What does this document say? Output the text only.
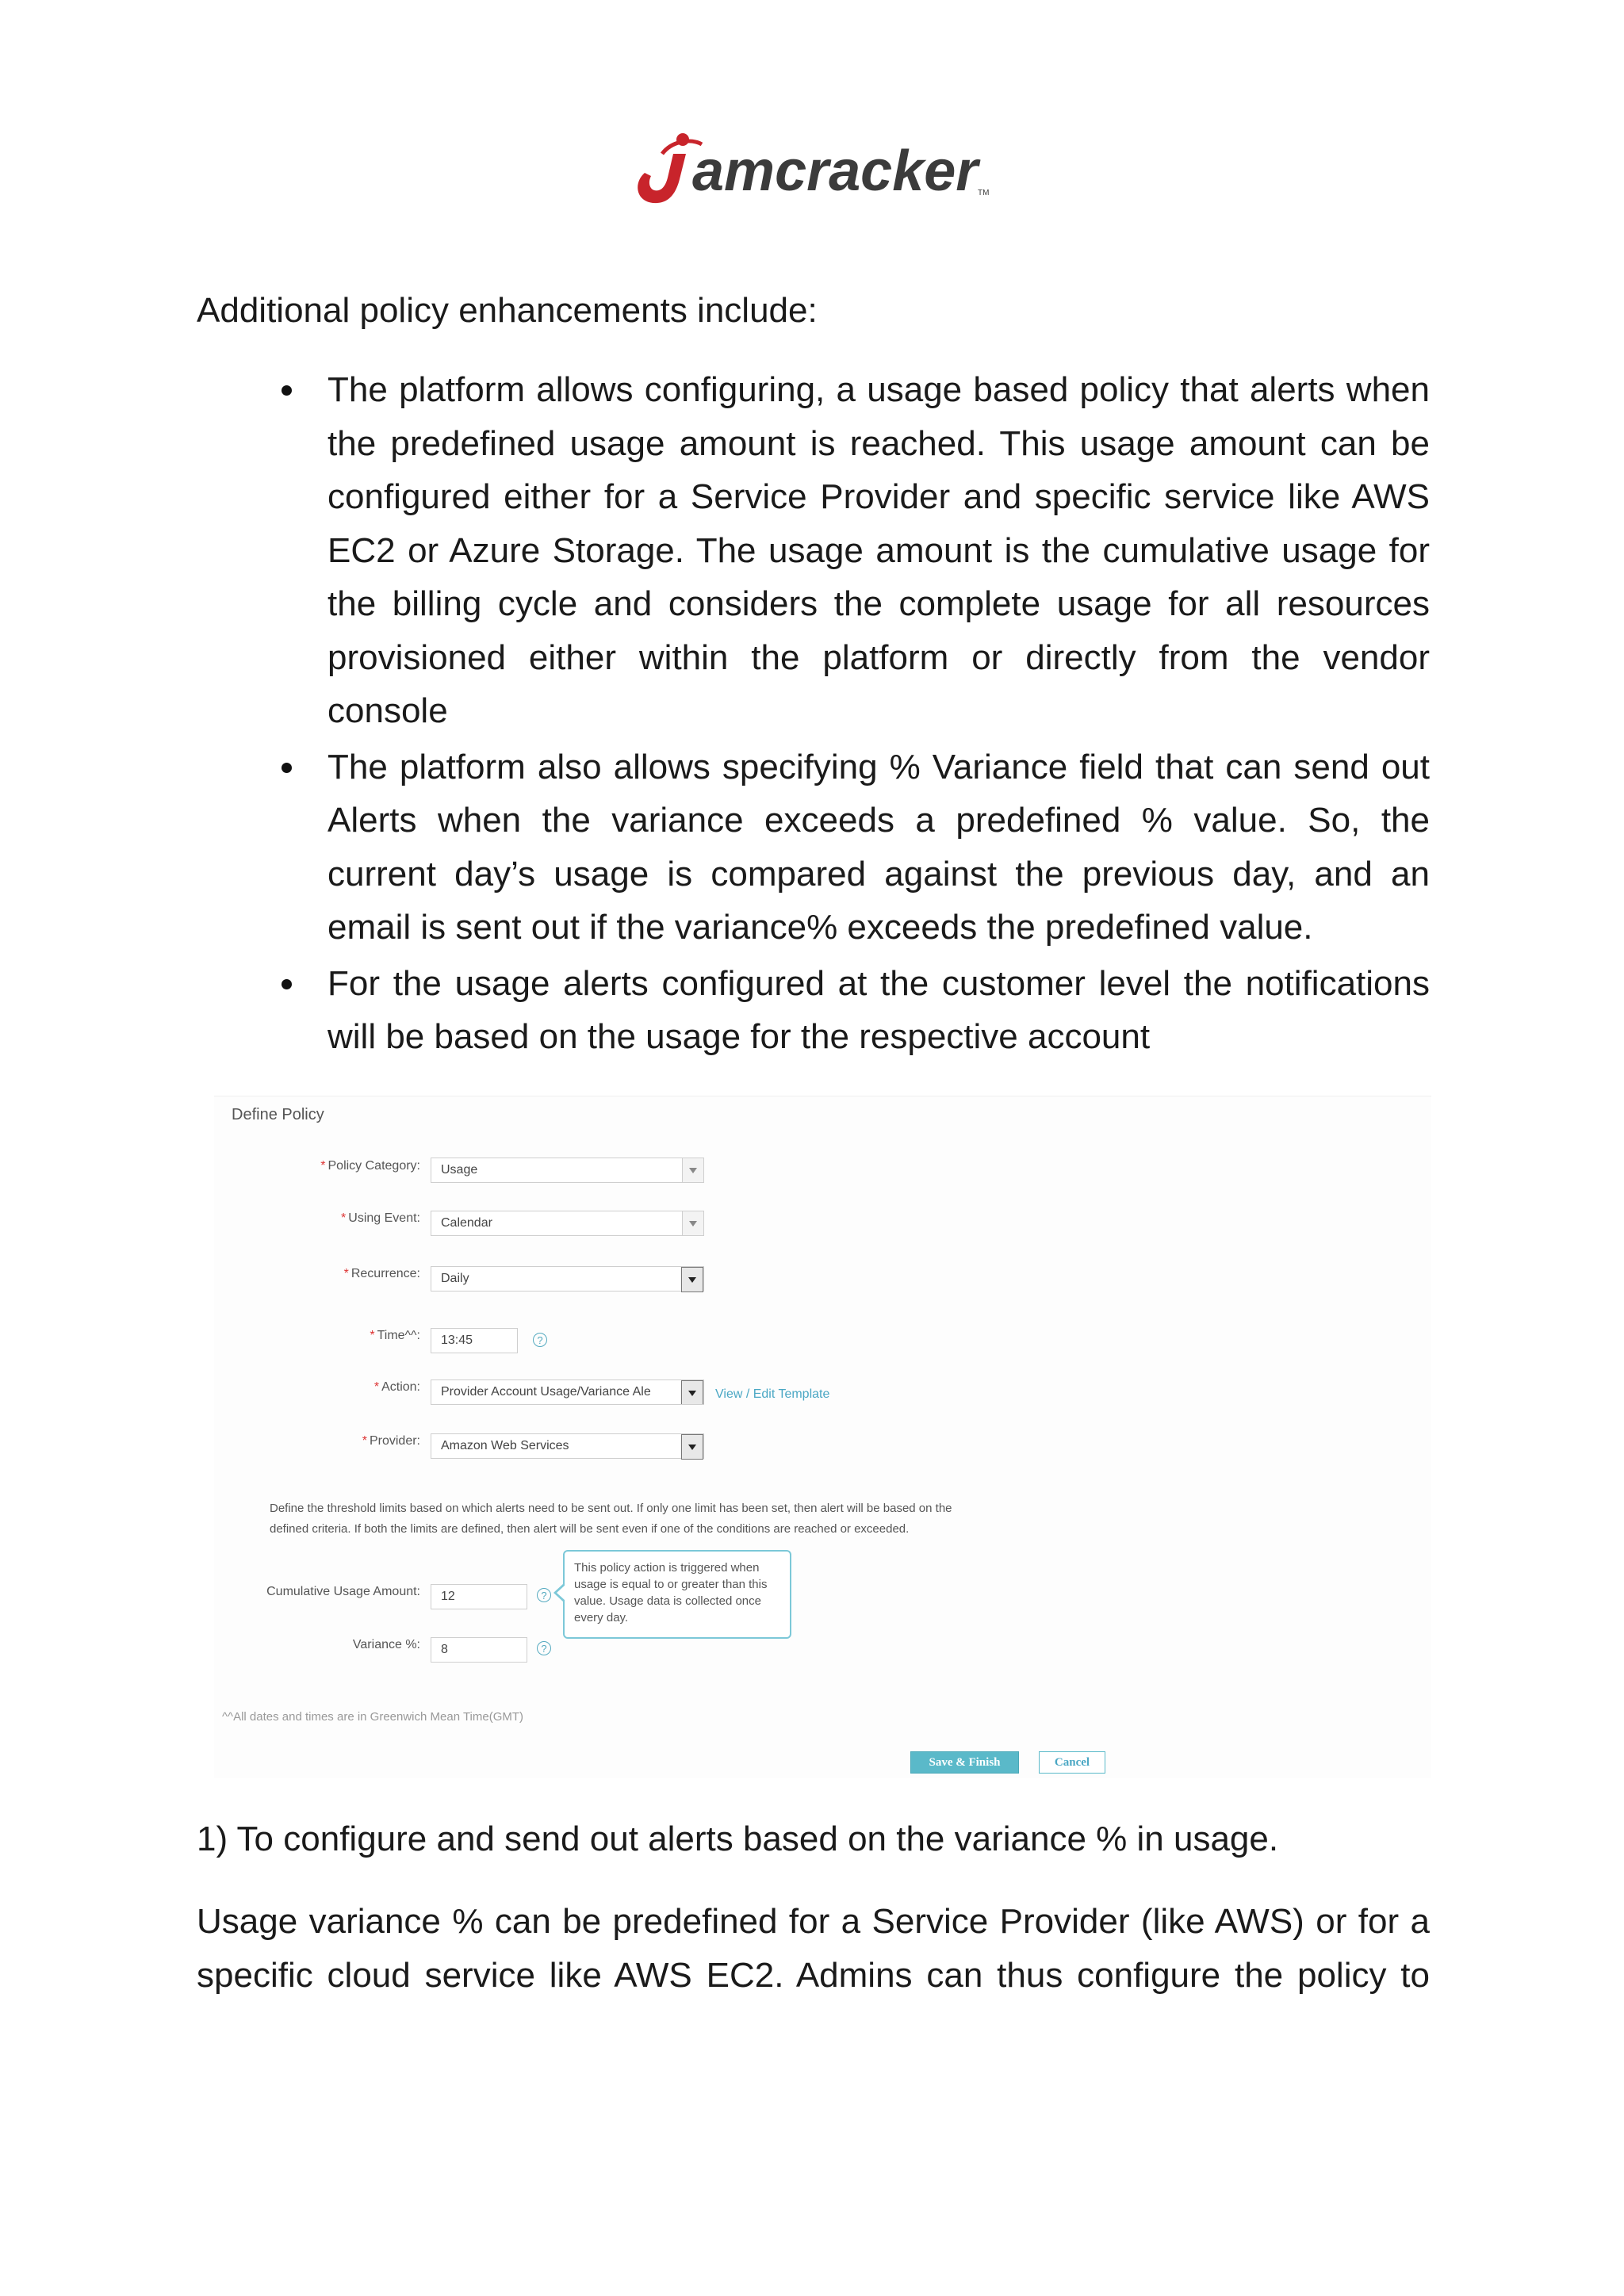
amcracker TM
Additional policy enhancements include:
The platform allows configuring, a usage based policy that alerts when the predefined usage amount is reached. This usage amount can be configured either for a Service Provider and specific service like AWS EC2 or Azure Storage. The usage amount is the cumulative usage for the billing cycle and considers the complete usage for all resources provisioned either within the platform or directly from the vendor console
The platform also allows specifying % Variance field that can send out Alerts when the variance exceeds a predefined % value. So, the current day’s usage is compared against the previous day, and an email is sent out if the variance% exceeds the predefined value.
For the usage alerts configured at the customer level the notifications will be based on the usage for the respective account
Define Policy
* Policy Category:	Usage
* Using Event:	Calendar
* Recurrence:	Daily
* Time^^:	13:45	?
* Action:	Provider Account Usage/Variance Ale	View / Edit Template
* Provider:	Amazon Web Services
Define the threshold limits based on which alerts need to be sent out. If only one limit has been set, then alert will be based on the defined criteria. If both the limits are defined, then alert will be sent even if one of the conditions are reached or exceeded.
Cumulative Usage Amount:	12	?
This policy action is triggered when usage is equal to or greater than this value. Usage data is collected once every day.
Variance %:	8	?
^^All dates and times are in Greenwich Mean Time(GMT)
Save & Finish	Cancel
1) To configure and send out alerts based on the variance % in usage.
Usage variance % can be predefined for a Service Provider (like AWS) or for a specific cloud service like AWS EC2. Admins can thus configure the policy to
